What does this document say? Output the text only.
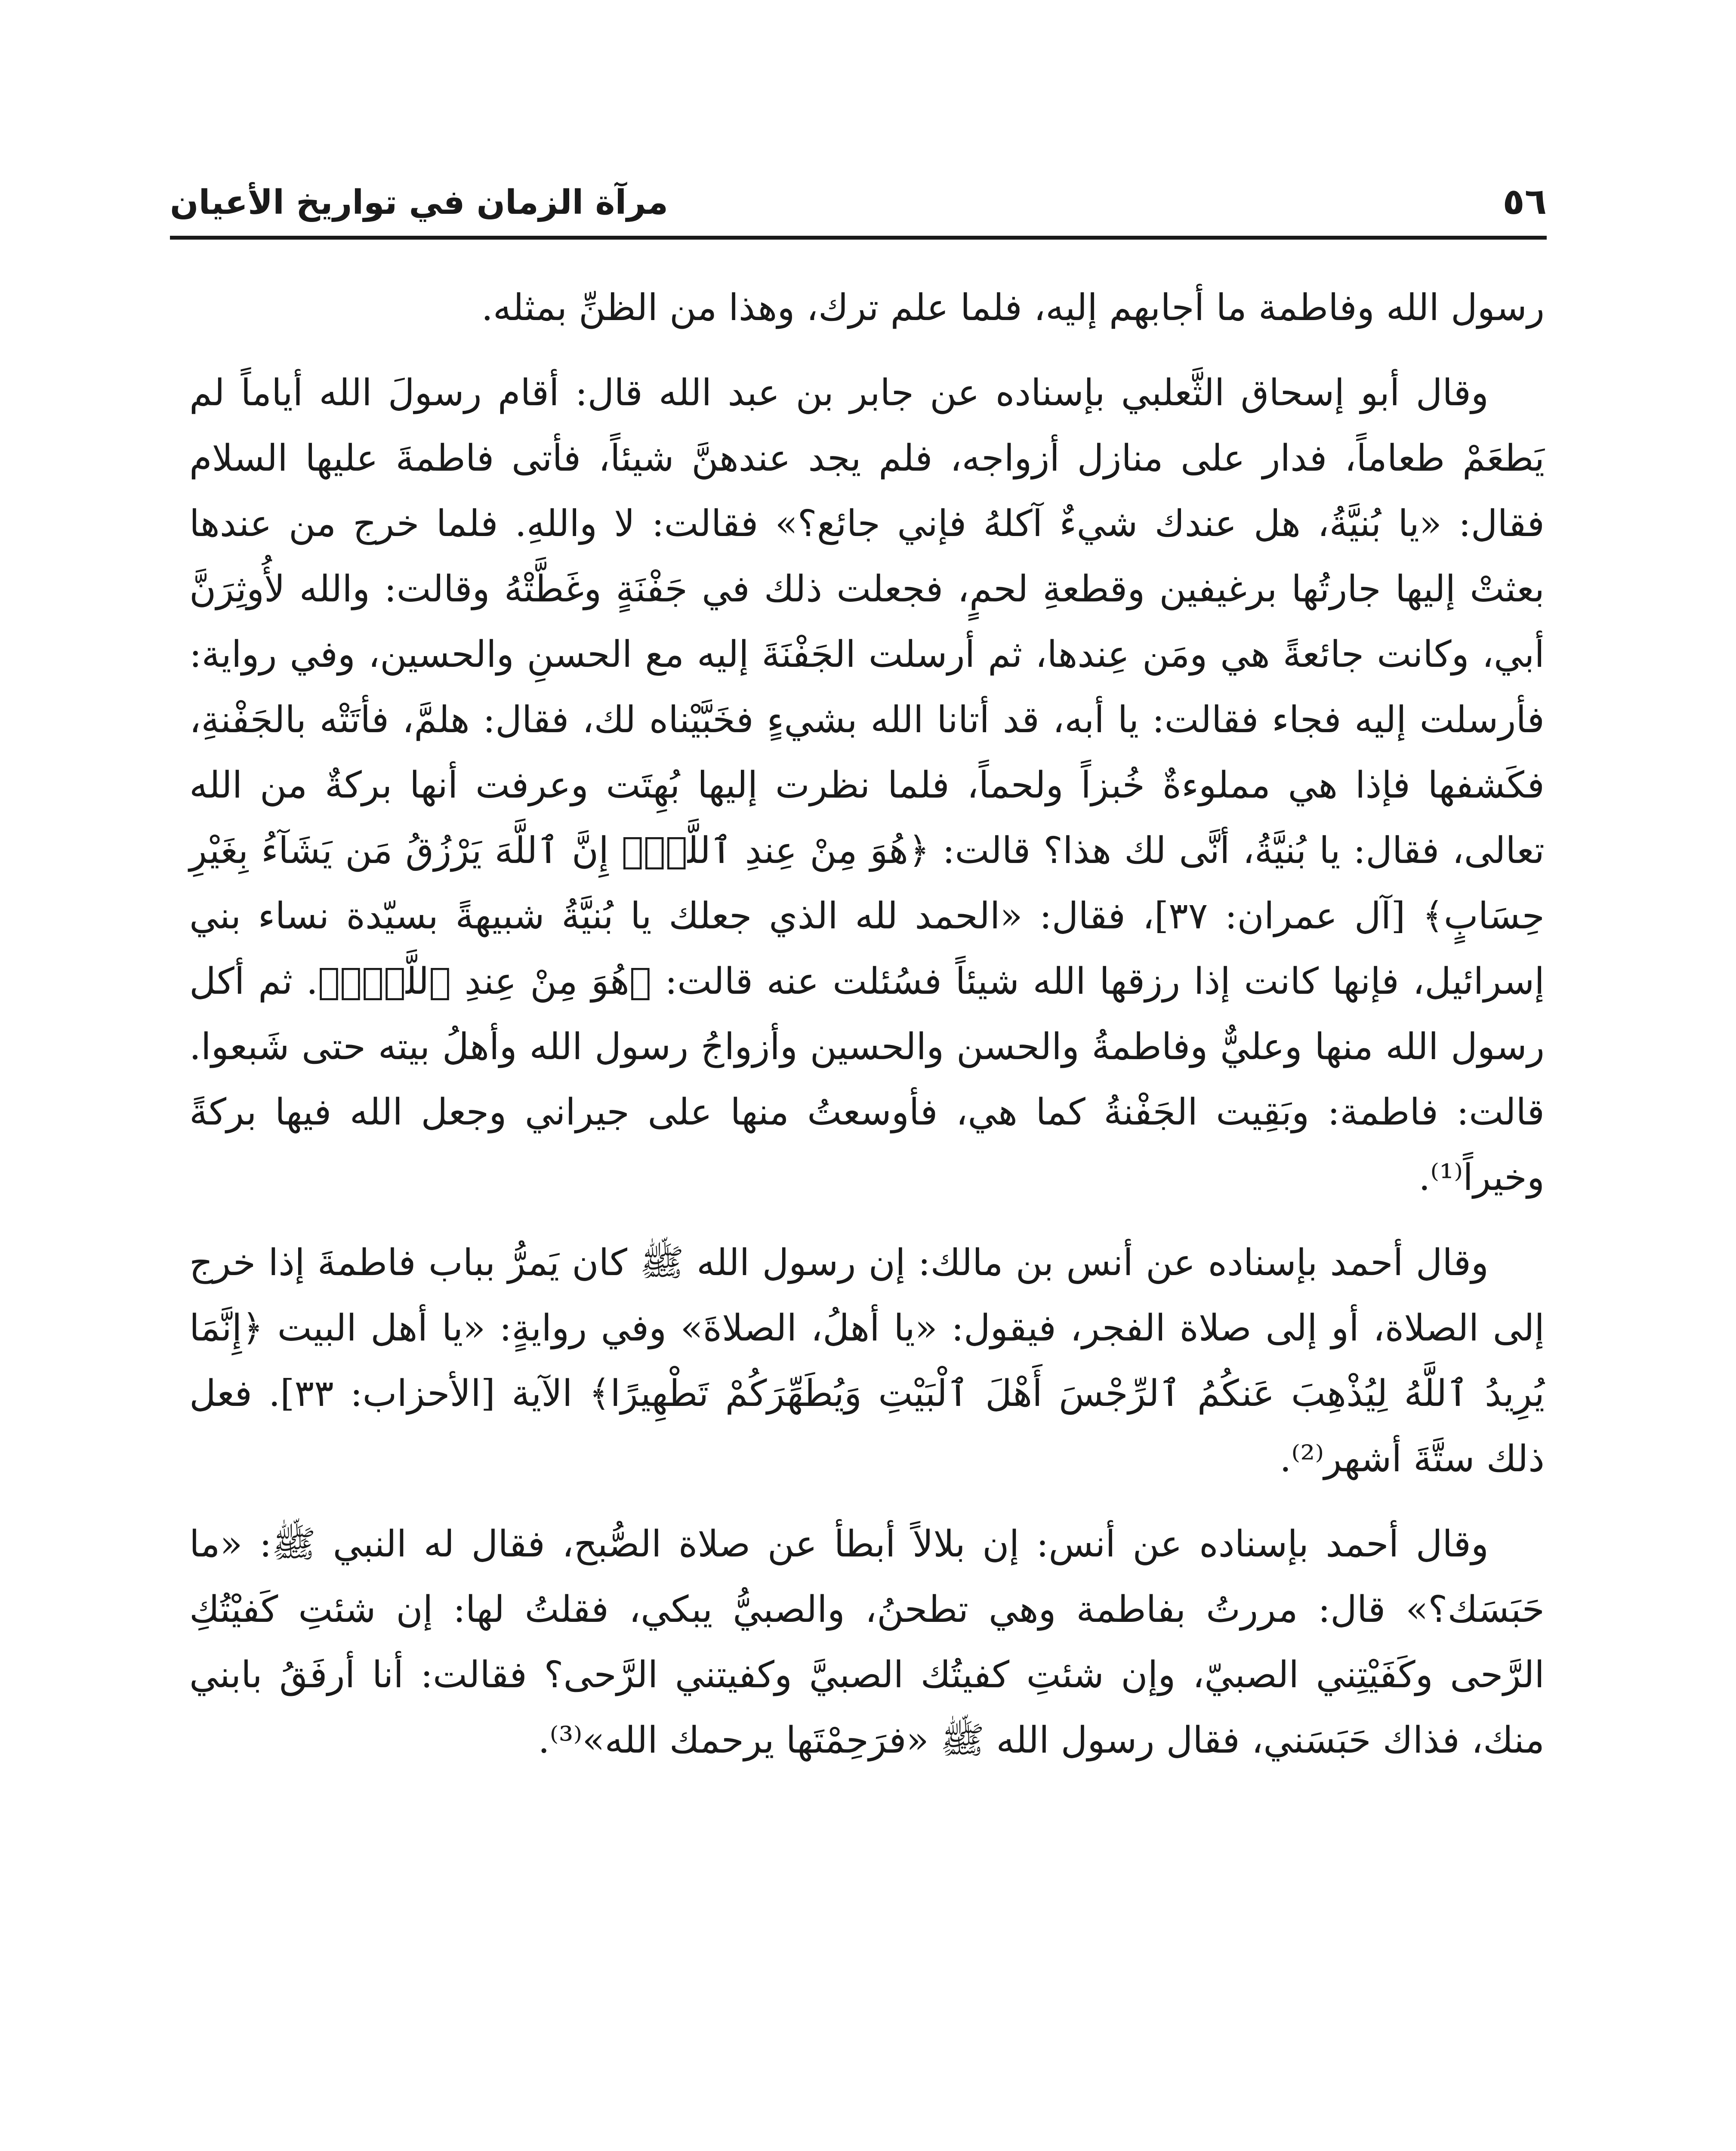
٥٦
مرآة الزمان في تواريخ الأعيان

رسول الله وفاطمة ما أجابهم إليه، فلما علم ترك، وهذا من الظنِّ بمثله.

وقال أبو إسحاق الثَّعلبي بإسناده عن جابر بن عبد الله قال: أقام رسولَ الله أياماً لم يَطعَمْ طعاماً، فدار على منازل أزواجه، فلم يجد عندهنَّ شيئاً، فأتى فاطمةَ عليها السلام فقال: «يا بُنيَّةُ، هل عندك شيءٌ آكلهُ فإني جائع؟» فقالت: لا واللهِ. فلما خرج من عندها بعثتْ إليها جارتُها برغيفين وقطعةِ لحمٍ، فجعلت ذلك في جَفْنَةٍ وغَطَّتْهُ وقالت: والله لأُوثِرَنَّ أبي، وكانت جائعةً هي ومَن عِندها، ثم أرسلت الجَفْنَةَ إليه مع الحسنِ والحسين، وفي رواية: فأرسلت إليه فجاء فقالت: يا أبه، قد أتانا الله بشيءٍ فخَبَّيْناه لك، فقال: هلمَّ، فأتَتْه بالجَفْنةِ، فكَشفها فإذا هي مملوءةٌ خُبزاً ولحماً، فلما نظرت إليها بُهِتَت وعرفت أنها بركةٌ من الله تعالى، فقال: يا بُنيَّةُ، أنَّى لك هذا؟ قالت: ﴿هُوَ مِنْ عِندِ ٱللَّهِۖ إِنَّ ٱللَّهَ يَرْزُقُ مَن يَشَآءُ بِغَيْرِ حِسَابٍ﴾ [آل عمران: ٣٧]، فقال: «الحمد لله الذي جعلك يا بُنيَّةُ شبيهةً بسيّدة نساء بني إسرائيل، فإنها كانت إذا رزقها الله شيئاً فسُئلت عنه قالت: ﴿هُوَ مِنْ عِندِ ٱللَّهِۖ﴾. ثم أكل رسول الله منها وعليٌّ وفاطمةُ والحسن والحسين وأزواجُ رسول الله وأهلُ بيته حتى شَبعوا. قالت: فاطمة: وبَقِيت الجَفْنةُ كما هي، فأوسعتُ منها على جيراني وجعل الله فيها بركةً وخيراً⁽¹⁾.

وقال أحمد بإسناده عن أنس بن مالك: إن رسول الله ﷺ كان يَمرُّ بباب فاطمةَ إذا خرج إلى الصلاة، أو إلى صلاة الفجر، فيقول: «يا أهلُ، الصلاةَ» وفي روايةٍ: «يا أهل البيت ﴿إِنَّمَا يُرِيدُ ٱللَّهُ لِيُذْهِبَ عَنكُمُ ٱلرِّجْسَ أَهْلَ ٱلْبَيْتِ وَيُطَهِّرَكُمْ تَطْهِيرًا﴾ الآية [الأحزاب: ٣٣]. فعل ذلك ستَّةَ أشهر⁽²⁾.

وقال أحمد بإسناده عن أنس: إن بلالاً أبطأ عن صلاة الصُّبح، فقال له النبي ﷺ: «ما حَبَسَك؟» قال: مررتُ بفاطمة وهي تطحنُ، والصبيُّ يبكي، فقلتُ لها: إن شئتِ كَفيْتُكِ الرَّحى وكَفَيْتِني الصبيّ، وإن شئتِ كفيتُك الصبيَّ وكفيتني الرَّحى؟ فقالت: أنا أرفَقُ بابني منك، فذاك حَبَسَني، فقال رسول الله ﷺ «فرَحِمْتَها يرحمك الله»⁽³⁾.
